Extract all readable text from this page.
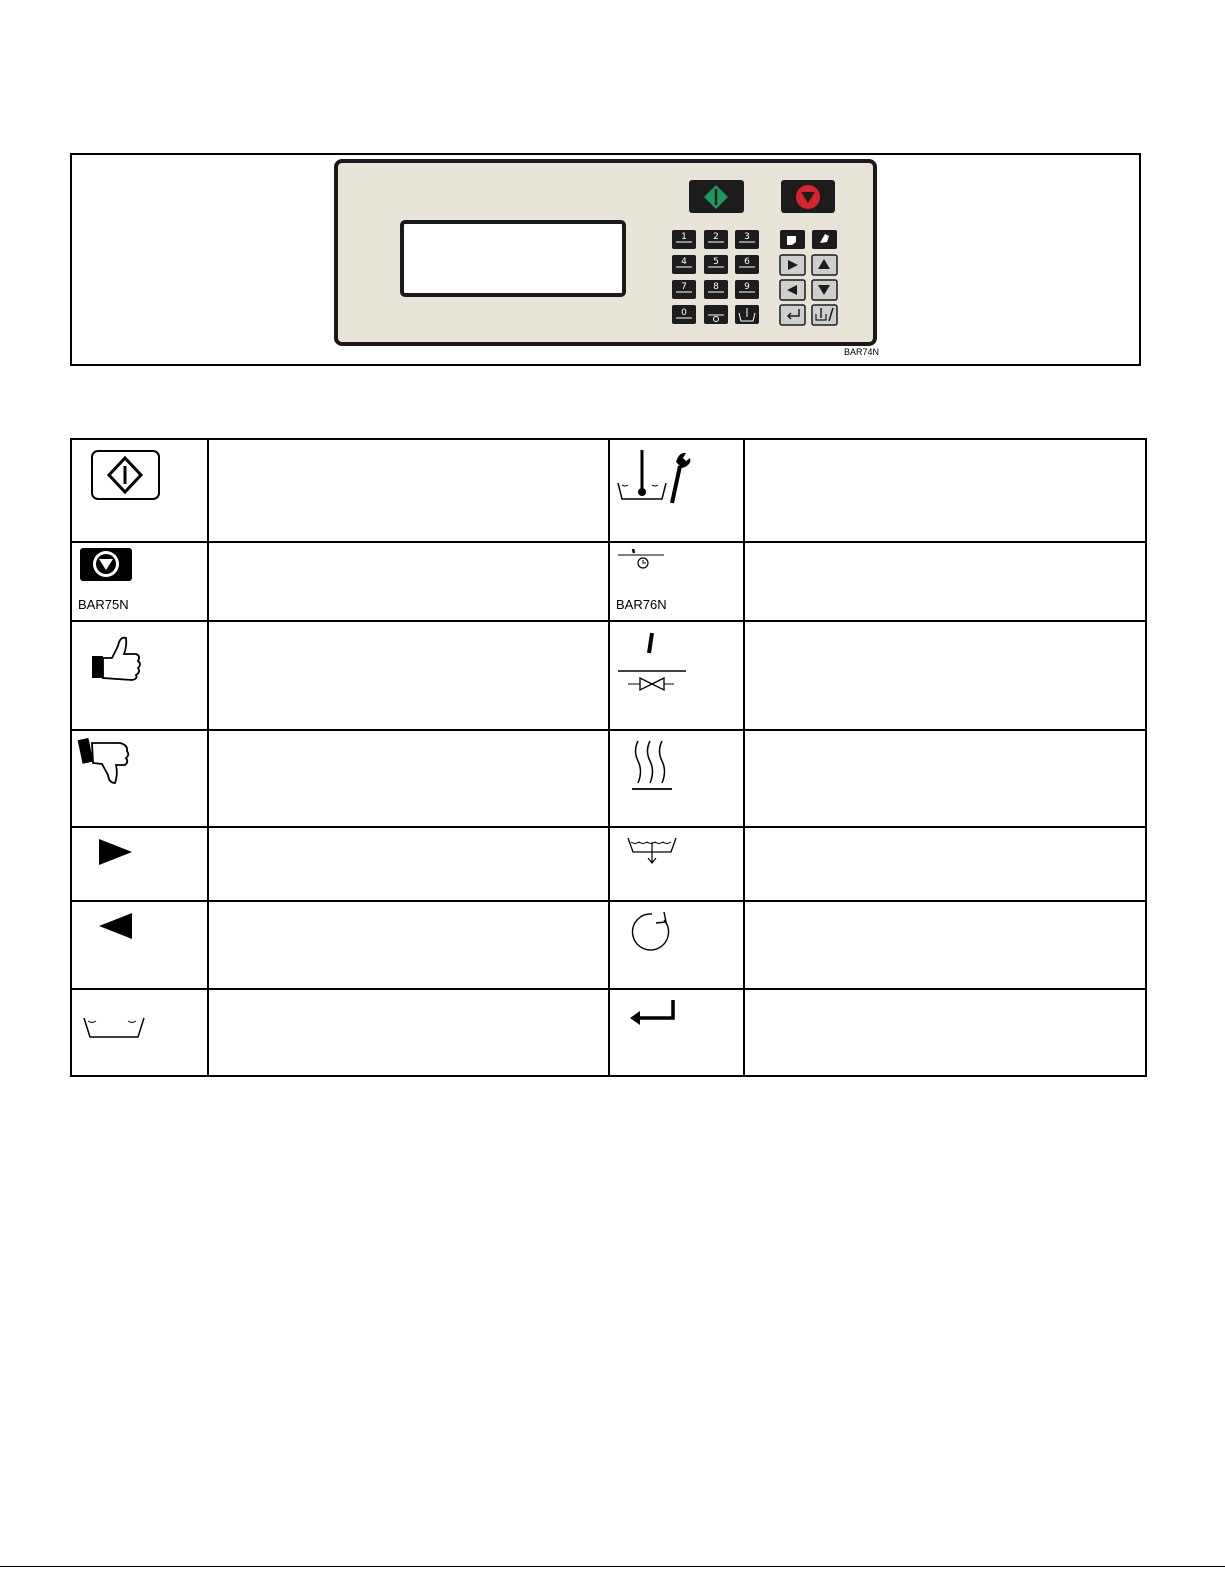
1	2	3
4	5	6
7	8	9
0
BAR74N

BAR75N		BAR76N	
